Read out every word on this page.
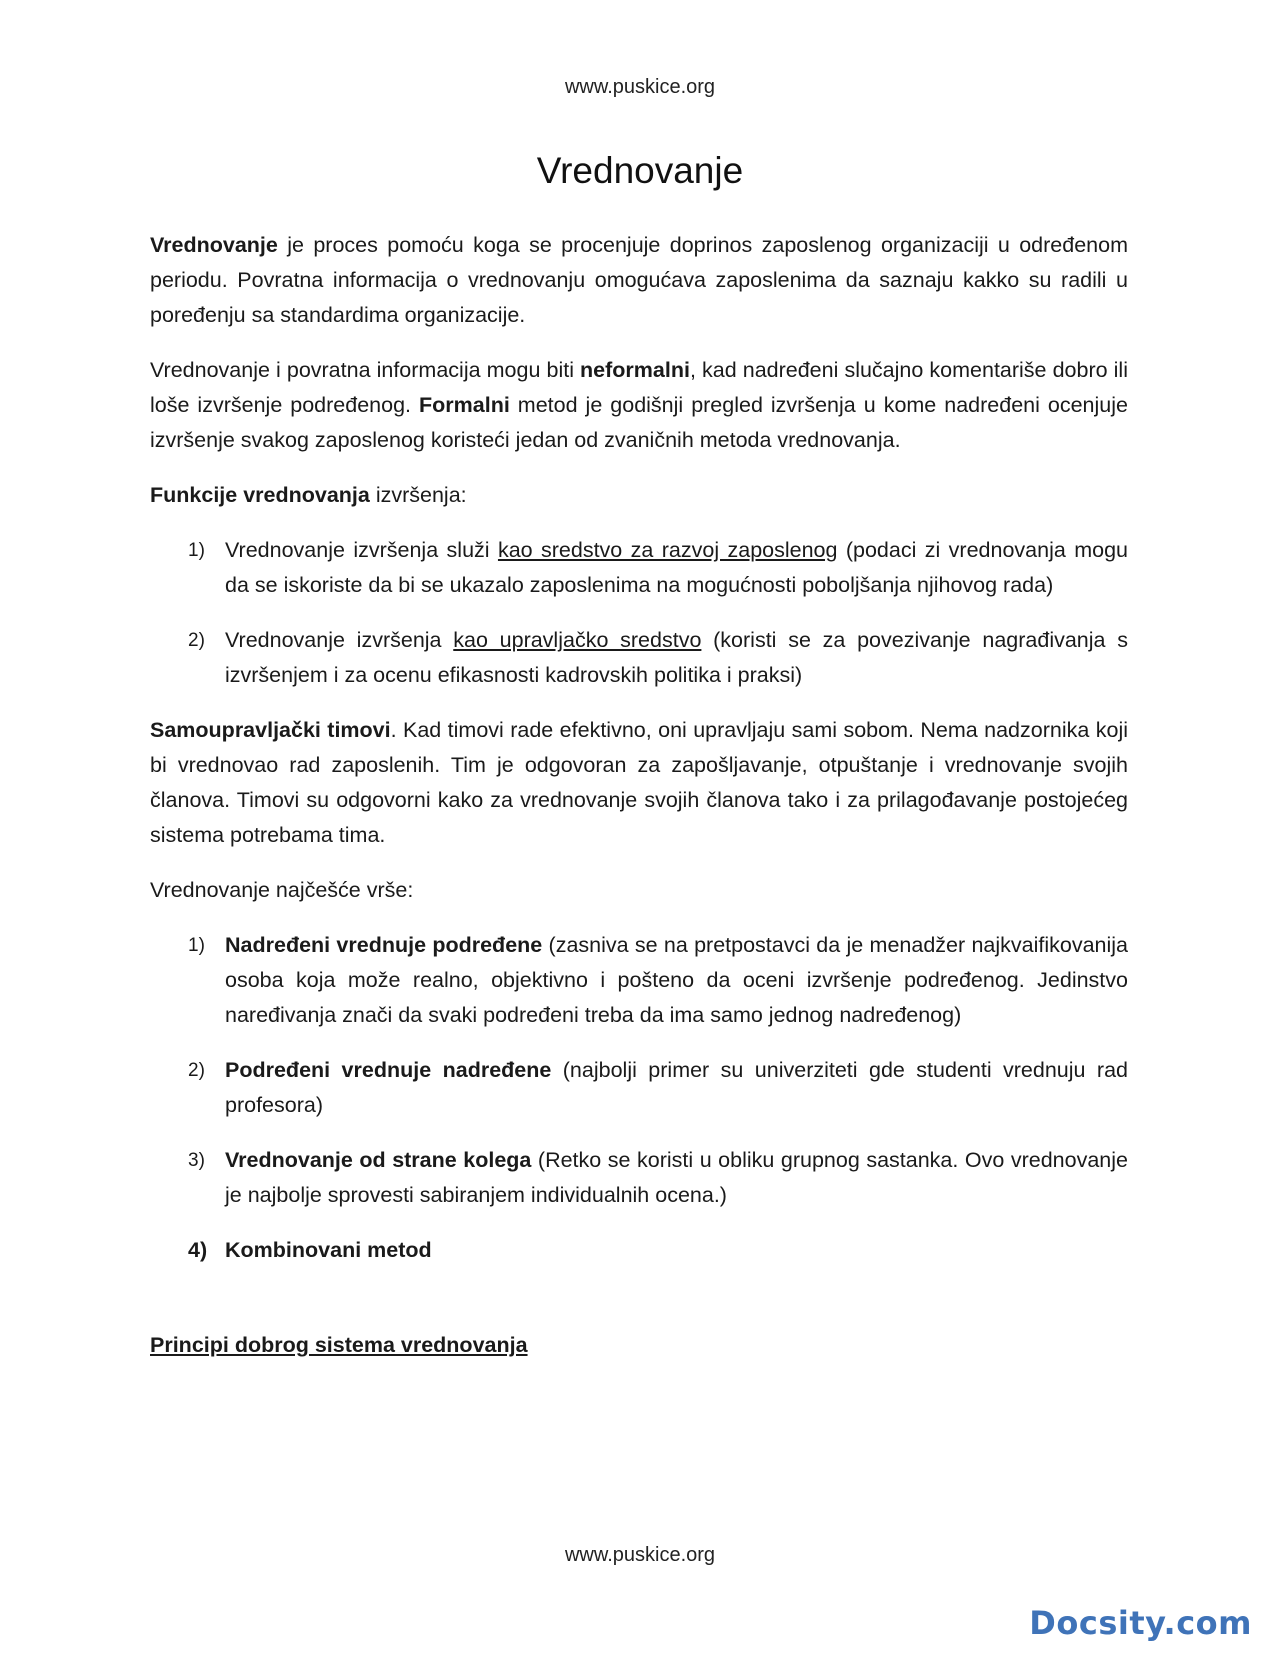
www.puskice.org
Vrednovanje

Vrednovanje je proces pomoću koga se procenjuje doprinos zaposlenog organizaciji u određenom periodu. Povratna informacija o vrednovanju omogućava zaposlenima da saznaju kakko su radili u poređenju sa standardima organizacije.

Vrednovanje i povratna informacija mogu biti neformalni, kad nadređeni slučajno komentariše dobro ili loše izvršenje podređenog. Formalni metod je godišnji pregled izvršenja u kome nadređeni ocenjuje izvršenje svakog zaposlenog koristeći jedan od zvaničnih metoda vrednovanja.

Funkcije vrednovanja izvršenja:

1) Vrednovanje izvršenja služi kao sredstvo za razvoj zaposlenog (podaci zi vrednovanja mogu da se iskoriste da bi se ukazalo zaposlenima na mogućnosti poboljšanja njihovog rada)
2) Vrednovanje izvršenja kao upravljačko sredstvo (koristi se za povezivanje nagrađivanja s izvršenjem i za ocenu efikasnosti kadrovskih politika i praksi)

Samoupravljački timovi. Kad timovi rade efektivno, oni upravljaju sami sobom. Nema nadzornika koji bi vrednovao rad zaposlenih. Tim je odgovoran za zapošljavanje, otpuštanje i vrednovanje svojih članova. Timovi su odgovorni kako za vrednovanje svojih članova tako i za prilagođavanje postojećeg sistema potrebama tima.

Vrednovanje najčešće vrše:

1) Nadređeni vrednuje podređene (zasniva se na pretpostavci da je menadžer najkvaifikovanija osoba koja može realno, objektivno i pošteno da oceni izvršenje podređenog. Jedinstvo naređivanja znači da svaki podređeni treba da ima samo jednog nadređenog)
2) Podređeni vrednuje nadređene (najbolji primer su univerziteti gde studenti vrednuju rad profesora)
3) Vrednovanje od strane kolega (Retko se koristi u obliku grupnog sastanka. Ovo vrednovanje je najbolje sprovesti sabiranjem individualnih ocena.)
4) Kombinovani metod

Principi dobrog sistema vrednovanja

www.puskice.org
Docsity.com
